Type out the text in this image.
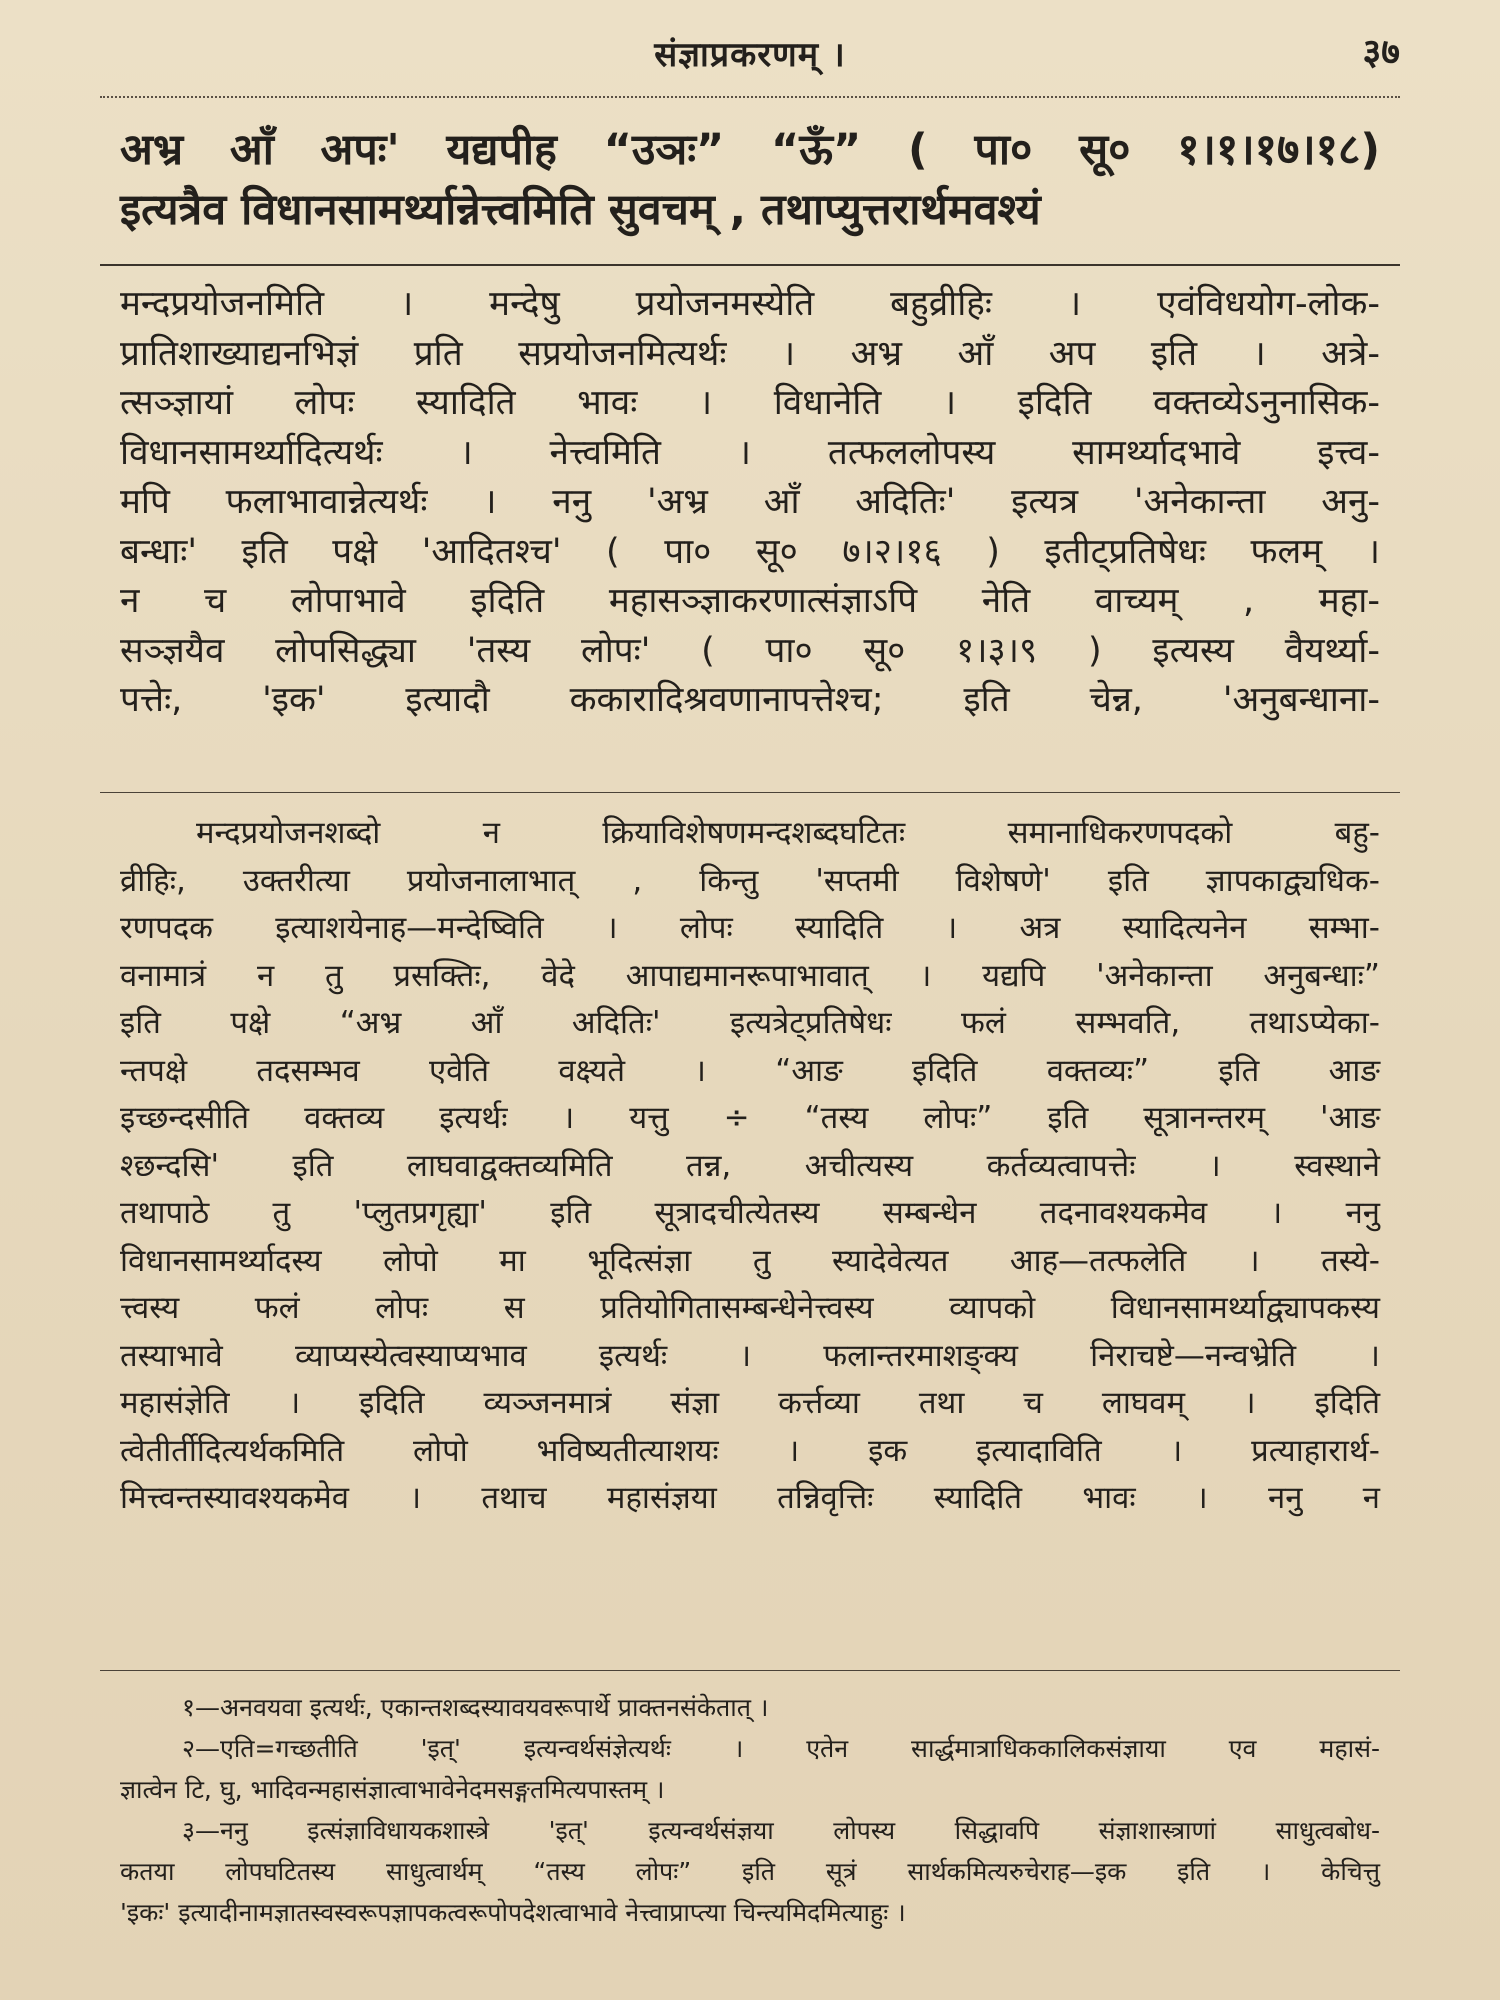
संज्ञाप्रकरणम् ।	३७

अभ्र आँ अपः' यद्यपीह “उञः” “ऊँ” ( पा० सू० १।१।१७।१८)

इत्यत्रैव विधानसामर्थ्यान्नेत्त्वमिति सुवचम् , तथाप्युत्तरार्थमवश्यं

मन्दप्रयोजनमिति । मन्देषु प्रयोजनमस्येति बहुव्रीहिः । एवंविधयोग-लोक-

प्रातिशाख्याद्यनभिज्ञं प्रति सप्रयोजनमित्यर्थः । अभ्र आँ अप इति । अत्रे-

त्सञ्ज्ञायां लोपः स्यादिति भावः । विधानेति । इदिति वक्तव्येऽनुनासिक-

विधानसामर्थ्यादित्यर्थः । नेत्त्वमिति । तत्फललोपस्य सामर्थ्यादभावे इत्त्व-

मपि फलाभावान्नेत्यर्थः । ननु 'अभ्र आँ अदितिः' इत्यत्र 'अनेकान्ता अनु-

बन्धाः' इति पक्षे 'आदितश्च' ( पा० सू० ७।२।१६ ) इतीट्प्रतिषेधः फलम् ।

न च लोपाभावे इदिति महासञ्ज्ञाकरणात्संज्ञाऽपि नेति वाच्यम् , महा-

सञ्ज्ञयैव लोपसिद्ध्या 'तस्य लोपः' ( पा० सू० १।३।९ ) इत्यस्य वैयर्थ्या-

पत्तेः, 'इक' इत्यादौ ककारादिश्रवणानापत्तेश्च; इति चेन्न, 'अनुबन्धाना-

मन्दप्रयोजनशब्दो न क्रियाविशेषणमन्दशब्दघटितः समानाधिकरणपदको बहु-

व्रीहिः, उक्तरीत्या प्रयोजनालाभात् , किन्तु 'सप्तमी विशेषणे' इति ज्ञापकाद्व्यधिक-

रणपदक इत्याशयेनाह—मन्देष्विति । लोपः स्यादिति । अत्र स्यादित्यनेन सम्भा-

वनामात्रं न तु प्रसक्तिः, वेदे आपाद्यमानरूपाभावात् । यद्यपि 'अनेकान्ता अनुबन्धाः”

इति पक्षे “अभ्र आँ अदितिः' इत्यत्रेट्प्रतिषेधः फलं सम्भवति, तथाऽप्येका-

न्तपक्षे तदसम्भव एवेति वक्ष्यते । “आङ इदिति वक्तव्यः” इति आङ

इच्छन्दसीति वक्तव्य इत्यर्थः । यत्तु ÷ “तस्य लोपः” इति सूत्रानन्तरम् 'आङ

श्छन्दसि' इति लाघवाद्वक्तव्यमिति तन्न, अचीत्यस्य कर्तव्यत्वापत्तेः । स्वस्थाने

तथापाठे तु 'प्लुतप्रगृह्या' इति सूत्रादचीत्येतस्य सम्बन्धेन तदनावश्यकमेव । ननु

विधानसामर्थ्यादस्य लोपो मा भूदित्संज्ञा तु स्यादेवेत्यत आह—तत्फलेति । तस्ये-

त्त्वस्य फलं लोपः स प्रतियोगितासम्बन्धेनेत्त्वस्य व्यापको विधानसामर्थ्याद्व्यापकस्य

तस्याभावे व्याप्यस्येत्वस्याप्यभाव इत्यर्थः । फलान्तरमाशङ्क्य निराचष्टे—नन्वभ्रेति ।

महासंज्ञेति । इदिति व्यञ्जनमात्रं संज्ञा कर्त्तव्या तथा च लाघवम् । इदिति

त्वेतीर्तीदित्यर्थकमिति लोपो भविष्यतीत्याशयः । इक इत्यादाविति । प्रत्याहारार्थ-

मित्त्वन्तस्यावश्यकमेव । तथाच महासंज्ञया तन्निवृत्तिः स्यादिति भावः । ननु न

१—अनवयवा इत्यर्थः, एकान्तशब्दस्यावयवरूपार्थे प्राक्तनसंकेतात् ।

२—एति=गच्छतीति 'इत्' इत्यन्वर्थसंज्ञेत्यर्थः । एतेन सार्द्धमात्राधिककालिकसंज्ञाया एव महासं-

ज्ञात्वेन टि, घु, भादिवन्महासंज्ञात्वाभावेनेदमसङ्गतमित्यपास्तम् ।

३—ननु इत्संज्ञाविधायकशास्त्रे 'इत्' इत्यन्वर्थसंज्ञया लोपस्य सिद्धावपि संज्ञाशास्त्राणां साधुत्वबोध-

कतया लोपघटितस्य साधुत्वार्थम् “तस्य लोपः” इति सूत्रं सार्थकमित्यरुचेराह—इक इति । केचित्तु

'इकः' इत्यादीनामज्ञातस्वस्वरूपज्ञापकत्वरूपोपदेशत्वाभावे नेत्त्वाप्राप्त्या चिन्त्यमिदमित्याहुः ।
